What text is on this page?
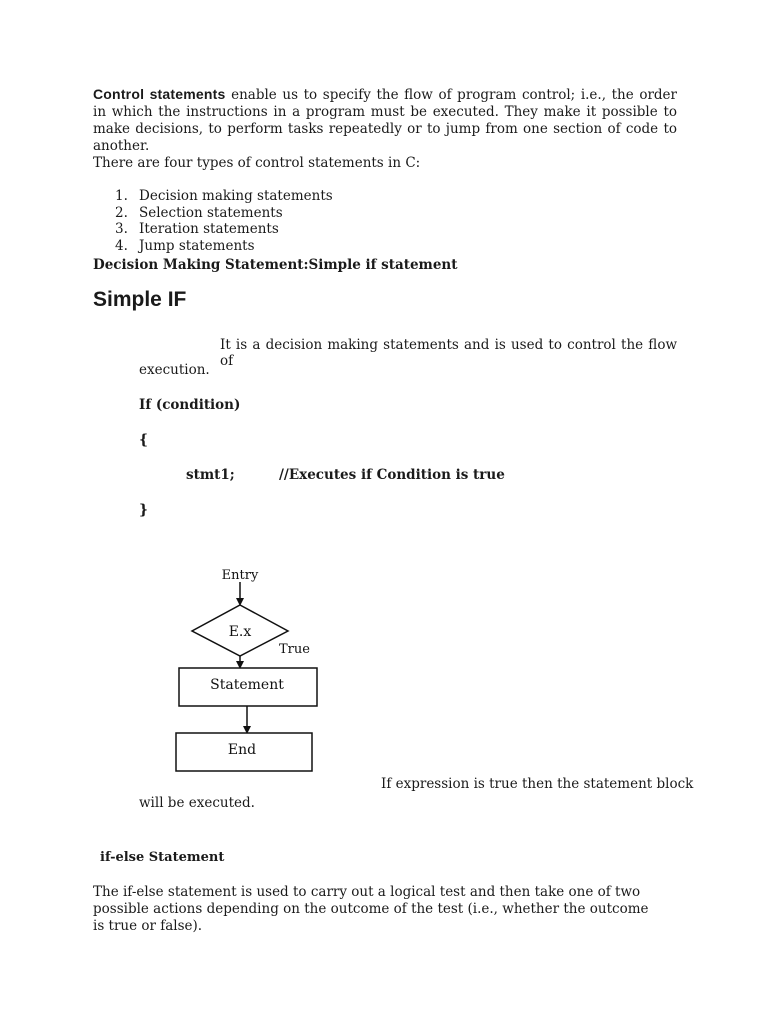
Control statements enable us to specify the flow of program control; i.e., the order in which the instructions in a program must be executed. They make it possible to make decisions, to perform tasks repeatedly or to jump from one section of code to another.

There are four types of control statements in C:
1. Decision making statements
2. Selection statements
3. Iteration statements
4. Jump statements
Decision Making Statement:Simple if statement
Simple IF
It is a decision making statements and is used to control the flow of
execution.
If (condition)
{
stmt1;	//Executes if Condition is true
}
Entry
E.x
True
Statement
End
If expression is true then the statement block
will be executed.
if-else Statement

The if-else statement is used to carry out a logical test and then take one of two possible actions depending on the outcome of the test (i.e., whether the outcome is true or false).
